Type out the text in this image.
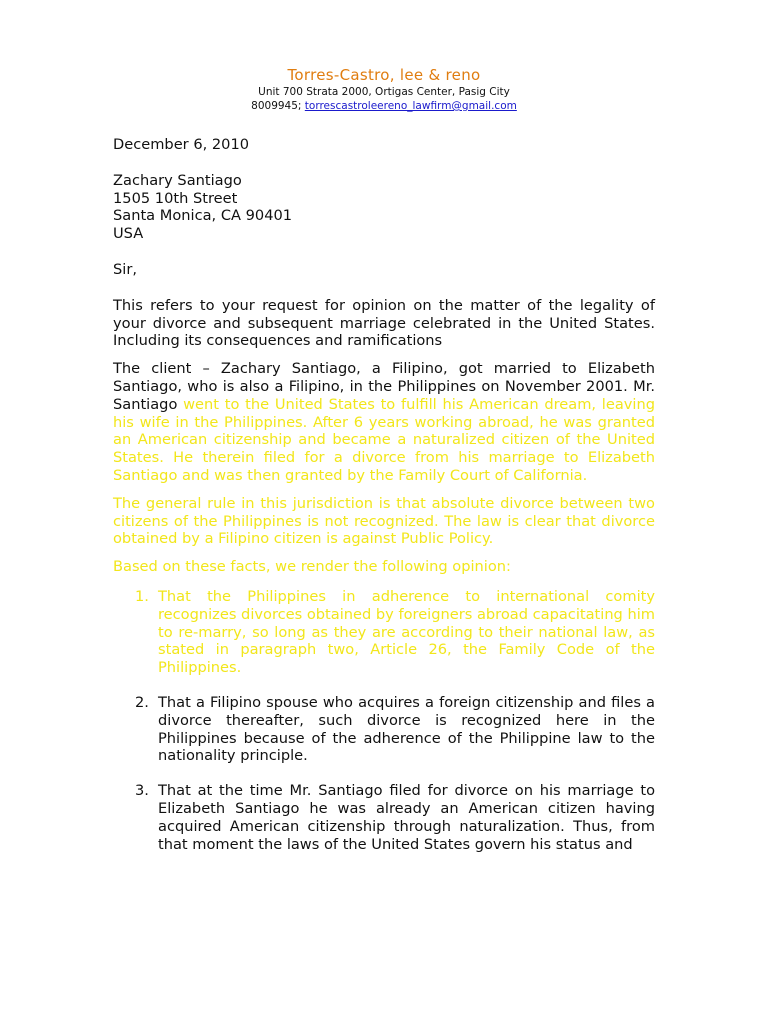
Torres-Castro, lee & reno
Unit 700 Strata 2000, Ortigas Center, Pasig City
8009945; torrescastroleereno_lawfirm@gmail.com

December 6, 2010

Zachary Santiago

1505 10th Street

Santa Monica, CA 90401

USA

Sir,

This refers to your request for opinion on the matter of the legality of your divorce and subsequent marriage celebrated in the United States. Including its consequences and ramifications

The client – Zachary Santiago, a Filipino, got married to Elizabeth Santiago, who is also a Filipino, in the Philippines on November 2001. Mr. Santiago went to the United States to fulfill his American dream, leaving his wife in the Philippines. After 6 years working abroad, he was granted an American citizenship and became a naturalized citizen of the United States. He therein filed for a divorce from his marriage to Elizabeth Santiago and was then granted by the Family Court of California.

The general rule in this jurisdiction is that absolute divorce between two citizens of the Philippines is not recognized. The law is clear that divorce obtained by a Filipino citizen is against Public Policy.

Based on these facts, we render the following opinion:

1. That the Philippines in adherence to international comity recognizes divorces obtained by foreigners abroad capacitating him to re-marry, so long as they are according to their national law, as stated in paragraph two, Article 26, the Family Code of the Philippines.
2. That a Filipino spouse who acquires a foreign citizenship and files a divorce thereafter, such divorce is recognized here in the Philippines because of the adherence of the Philippine law to the nationality principle.
3. That at the time Mr. Santiago filed for divorce on his marriage to Elizabeth Santiago he was already an American citizen having acquired American citizenship through naturalization. Thus, from that moment the laws of the United States govern his status and
